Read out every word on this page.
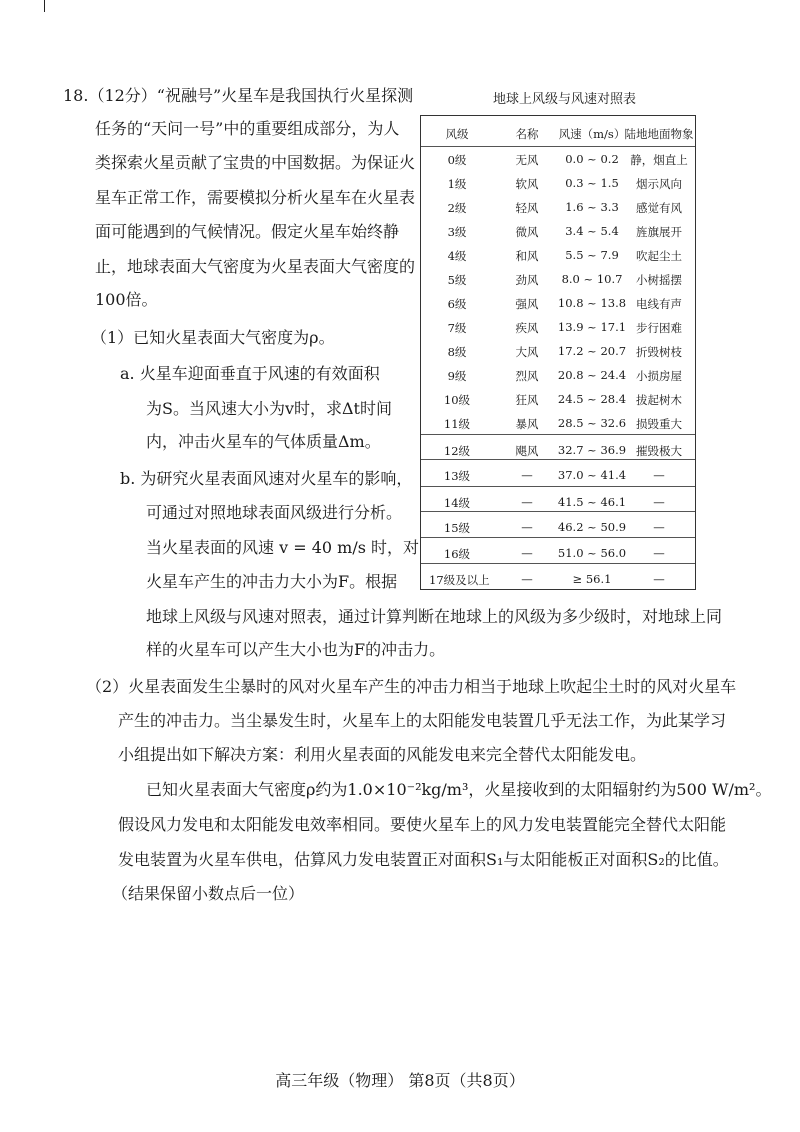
18.（12分）“祝融号”火星车是我国执行火星探测
任务的“天问一号”中的重要组成部分，为人
类探索火星贡献了宝贵的中国数据。为保证火
星车正常工作，需要模拟分析火星车在火星表
面可能遇到的气候情况。假定火星车始终静
止，地球表面大气密度为火星表面大气密度的
100倍。
（1）已知火星表面大气密度为ρ。
a. 火星车迎面垂直于风速的有效面积
为S。当风速大小为v时，求Δt时间
内，冲击火星车的气体质量Δm。
b. 为研究火星表面风速对火星车的影响，
可通过对照地球表面风级进行分析。
当火星表面的风速 v = 40 m/s 时，对
火星车产生的冲击力大小为F。根据
地球上风级与风速对照表，通过计算判断在地球上的风级为多少级时，对地球上同
样的火星车可以产生大小也为F的冲击力。
（2）火星表面发生尘暴时的风对火星车产生的冲击力相当于地球上吹起尘土时的风对火星车
产生的冲击力。当尘暴发生时，火星车上的太阳能发电装置几乎无法工作，为此某学习
小组提出如下解决方案：利用火星表面的风能发电来完全替代太阳能发电。
已知火星表面大气密度ρ约为1.0×10⁻²kg/m³，火星接收到的太阳辐射约为500 W/m²。
假设风力发电和太阳能发电效率相同。要使火星车上的风力发电装置能完全替代太阳能
发电装置为火星车供电，估算风力发电装置正对面积S₁与太阳能板正对面积S₂的比值。
（结果保留小数点后一位）
地球上风级与风速对照表
风级	名称	风速（m/s） 陆地地面物象
0级	无风	0.0 ~ 0.2 静，烟直上
1级	软风	0.3 ~ 1.5	烟示风向
2级	轻风	1.6 ~ 3.3	感觉有风
3级	微风	3.4 ~ 5.4	旌旗展开
4级	和风	5.5 ~ 7.9	吹起尘土
5级	劲风	8.0 ~ 10.7	小树摇摆
6级	强风	10.8 ~ 13.8 电线有声
7级	疾风	13.9 ~ 17.1 步行困难
8级	大风	17.2 ~ 20.7 折毁树枝
9级	烈风	20.8 ~ 24.4 小损房屋
10级	狂风	24.5 ~ 28.4 拔起树木
11级	暴风	28.5 ~ 32.6 损毁重大
12级	飓风	32.7 ~ 36.9 摧毁极大
13级	—	37.0 ~ 41.4	—
14级	—	41.5 ~ 46.1	—
15级	—	46.2 ~ 50.9	—
16级	—	51.0 ~ 56.0	—
17级及以上	—	≥ 56.1	—
高三年级（物理） 第8页（共8页）
